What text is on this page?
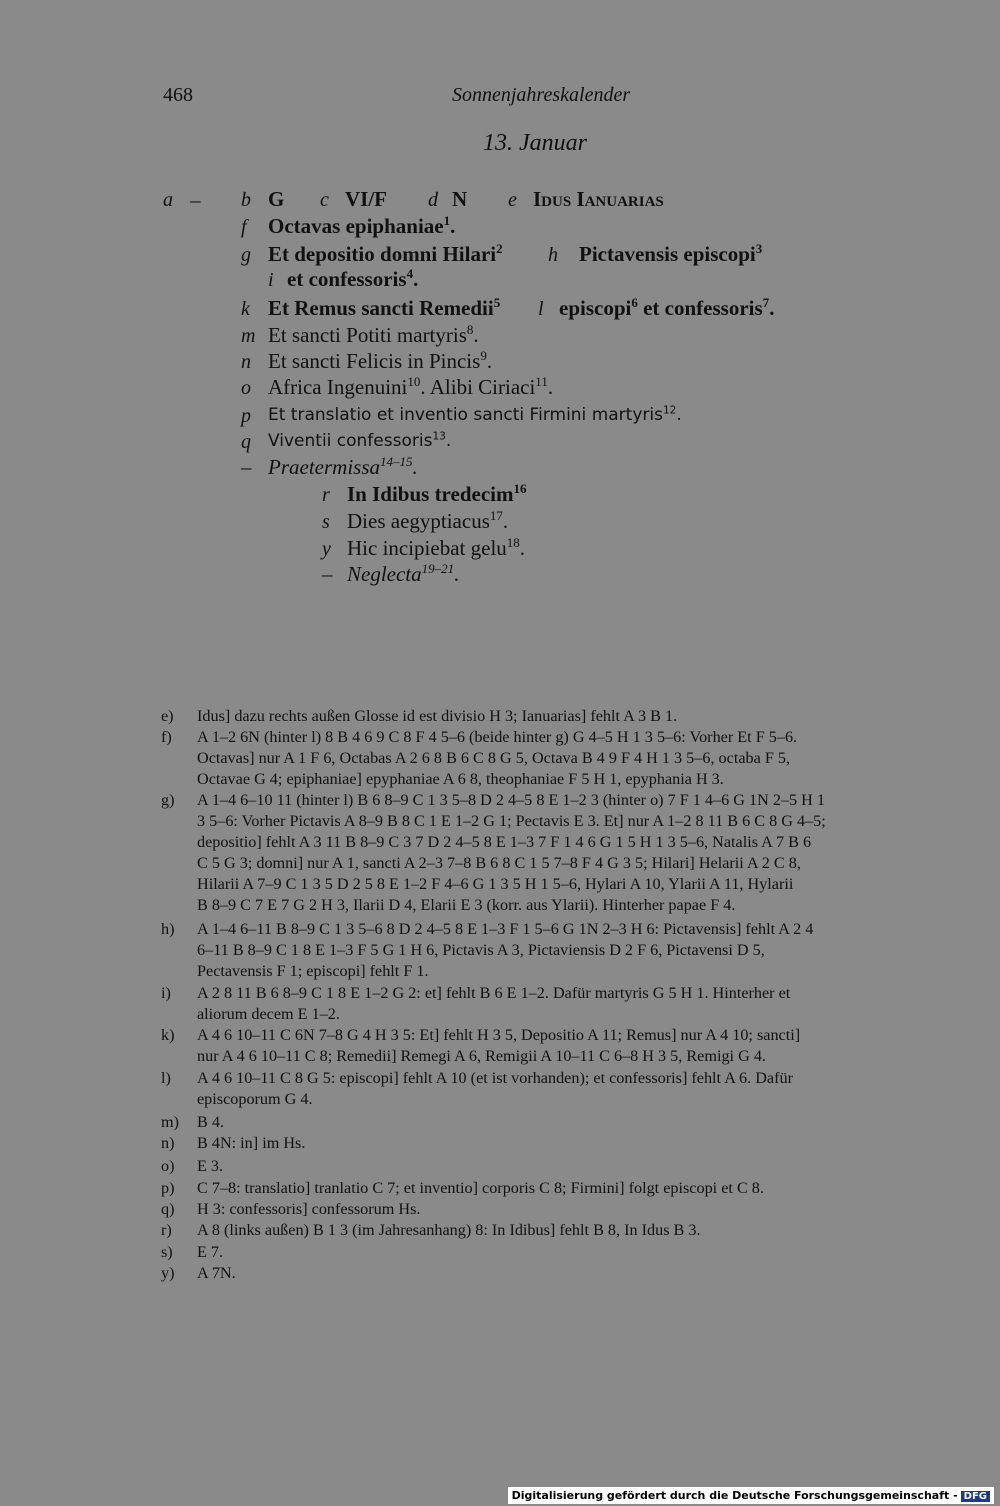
468	Sonnenjahreskalender
13. Januar
a – b G c VI/F d N e Idus Ianuarias
f Octavas epiphaniae$^1$.
g Et depositio domni Hilari$^2$ h Pictavensis episcopi$^3$
i et confessoris$^4$.
k Et Remus sancti Remedii$^5$ l episcopi$^6$ et confessoris$^7$.
m Et sancti Potiti martyris$^8$.
n Et sancti Felicis in Pincis$^9$.
o Africa Ingenuini$^{10}$. Alibi Ciriaci$^{11}$.
p Et translatio et inventio sancti Firmini martyris$^{12}$.
q Viventii confessoris$^{13}$.
– Praetermissa$^{14-15}$.
r In Idibus tredecim$^{16}$
s Dies aegyptiacus$^{17}$.
y Hic incipiebat gelu$^{18}$.
– Neglecta$^{19-21}$.
e) Idus] dazu rechts außen Glosse id est divisio H 3; Ianuarias] fehlt A 3 B 1.
f) A 1–2 6N (hinter l) 8 B 4 6 9 C 8 F 4 5–6 (beide hinter g) G 4–5 H 1 3 5–6: Vorher Et F 5–6.
Octavas] nur A 1 F 6, Octabas A 2 6 8 B 6 C 8 G 5, Octava B 4 9 F 4 H 1 3 5–6, octaba F 5,
Octavae G 4; epiphaniae] epyphaniae A 6 8, theophaniae F 5 H 1, epyphania H 3.
g) A 1–4 6–10 11 (hinter l) B 6 8–9 C 1 3 5–8 D 2 4–5 8 E 1–2 3 (hinter o) 7 F 1 4–6 G 1N 2–5 H 1
3 5–6: Vorher Pictavis A 8–9 B 8 C 1 E 1–2 G 1; Pectavis E 3. Et] nur A 1–2 8 11 B 6 C 8 G 4–5;
depositio] fehlt A 3 11 B 8–9 C 3 7 D 2 4–5 8 E 1–3 7 F 1 4 6 G 1 5 H 1 3 5–6, Natalis A 7 B 6
C 5 G 3; domni] nur A 1, sancti A 2–3 7–8 B 6 8 C 1 5 7–8 F 4 G 3 5; Hilari] Helarii A 2 C 8,
Hilarii A 7–9 C 1 3 5 D 2 5 8 E 1–2 F 4–6 G 1 3 5 H 1 5–6, Hylari A 10, Ylarii A 11, Hylarii
B 8–9 C 7 E 7 G 2 H 3, Ilarii D 4, Elarii E 3 (korr. aus Ylarii). Hinterher papae F 4.
h) A 1–4 6–11 B 8–9 C 1 3 5–6 8 D 2 4–5 8 E 1–3 F 1 5–6 G 1N 2–3 H 6: Pictavensis] fehlt A 2 4
6–11 B 8–9 C 1 8 E 1–3 F 5 G 1 H 6, Pictavis A 3, Pictaviensis D 2 F 6, Pictavensi D 5,
Pectavensis F 1; episcopi] fehlt F 1.
i) A 2 8 11 B 6 8–9 C 1 8 E 1–2 G 2: et] fehlt B 6 E 1–2. Dafür martyris G 5 H 1. Hinterher et
aliorum decem E 1–2.
k) A 4 6 10–11 C 6N 7–8 G 4 H 3 5: Et] fehlt H 3 5, Depositio A 11; Remus] nur A 4 10; sancti]
nur A 4 6 10–11 C 8; Remedii] Remegi A 6, Remigii A 10–11 C 6–8 H 3 5, Remigi G 4.
l) A 4 6 10–11 C 8 G 5: episcopi] fehlt A 10 (et ist vorhanden); et confessoris] fehlt A 6. Dafür
episcoporum G 4.
m) B 4.
n) B 4N: in] im Hs.
o) E 3.
p) C 7–8: translatio] tranlatio C 7; et inventio] corporis C 8; Firmini] folgt episcopi et C 8.
q) H 3: confessoris] confessorum Hs.
r) A 8 (links außen) B 1 3 (im Jahresanhang) 8: In Idibus] fehlt B 8, In Idus B 3.
s) E 7.
y) A 7N.
Digitalisierung gefördert durch die Deutsche Forschungsgemeinschaft - DFG
